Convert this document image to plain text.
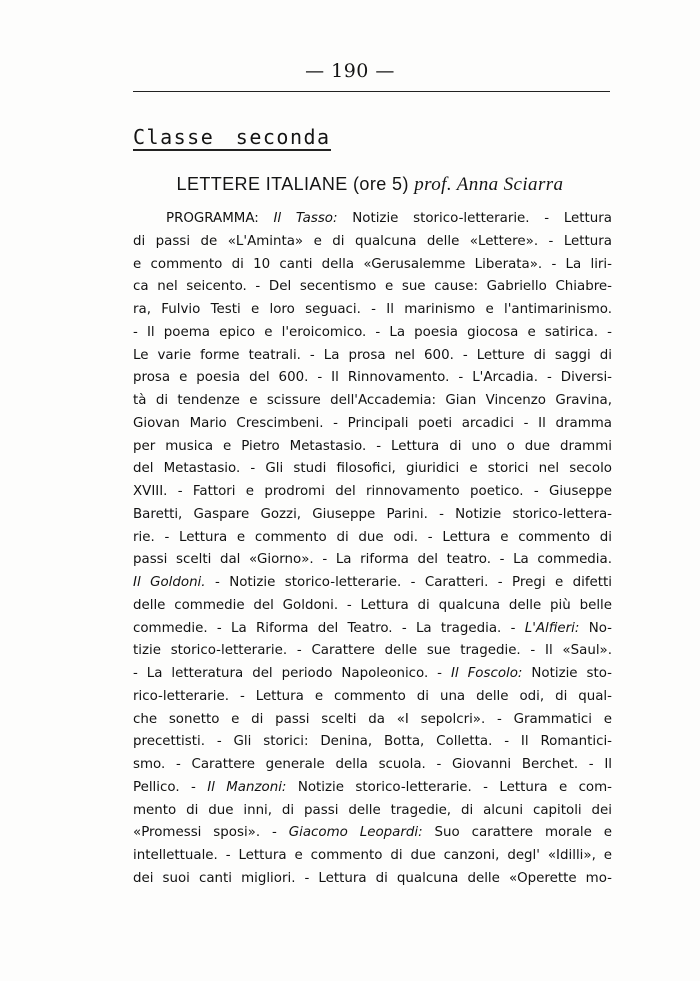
— 190 —
Classe seconda
LETTERE ITALIANE (ore 5) prof. Anna Sciarra
PROGRAMMA: Il Tasso: Notizie storico-letterarie. - Lettura
di passi de «L'Aminta» e di qualcuna delle «Lettere». - Lettura
e commento di 10 canti della «Gerusalemme Liberata». - La liri-
ca nel seicento. - Del secentismo e sue cause: Gabriello Chiabre-
ra, Fulvio Testi e loro seguaci. - Il marinismo e l'antimarinismo.
- Il poema epico e l'eroicomico. - La poesia giocosa e satirica. -
Le varie forme teatrali. - La prosa nel 600. - Letture di saggi di
prosa e poesia del 600. - Il Rinnovamento. - L'Arcadia. - Diversi-
tà di tendenze e scissure dell'Accademia: Gian Vincenzo Gravina,
Giovan Mario Crescimbeni. - Principali poeti arcadici - Il dramma
per musica e Pietro Metastasio. - Lettura di uno o due drammi
del Metastasio. - Gli studi filosofici, giuridici e storici nel secolo
XVIII. - Fattori e prodromi del rinnovamento poetico. - Giuseppe
Baretti, Gaspare Gozzi, Giuseppe Parini. - Notizie storico-lettera-
rie. - Lettura e commento di due odi. - Lettura e commento di
passi scelti dal «Giorno». - La riforma del teatro. - La commedia.
Il Goldoni. - Notizie storico-letterarie. - Caratteri. - Pregi e difetti
delle commedie del Goldoni. - Lettura di qualcuna delle più belle
commedie. - La Riforma del Teatro. - La tragedia. - L'Alfieri: No-
tizie storico-letterarie. - Carattere delle sue tragedie. - Il «Saul».
- La letteratura del periodo Napoleonico. - Il Foscolo: Notizie sto-
rico-letterarie. - Lettura e commento di una delle odi, di qual-
che sonetto e di passi scelti da «I sepolcri». - Grammatici e
precettisti. - Gli storici: Denina, Botta, Colletta. - Il Romantici-
smo. - Carattere generale della scuola. - Giovanni Berchet. - Il
Pellico. - Il Manzoni: Notizie storico-letterarie. - Lettura e com-
mento di due inni, di passi delle tragedie, di alcuni capitoli dei
«Promessi sposi». - Giacomo Leopardi: Suo carattere morale e
intellettuale. - Lettura e commento di due canzoni, degl' «Idilli», e
dei suoi canti migliori. - Lettura di qualcuna delle «Operette mo-
